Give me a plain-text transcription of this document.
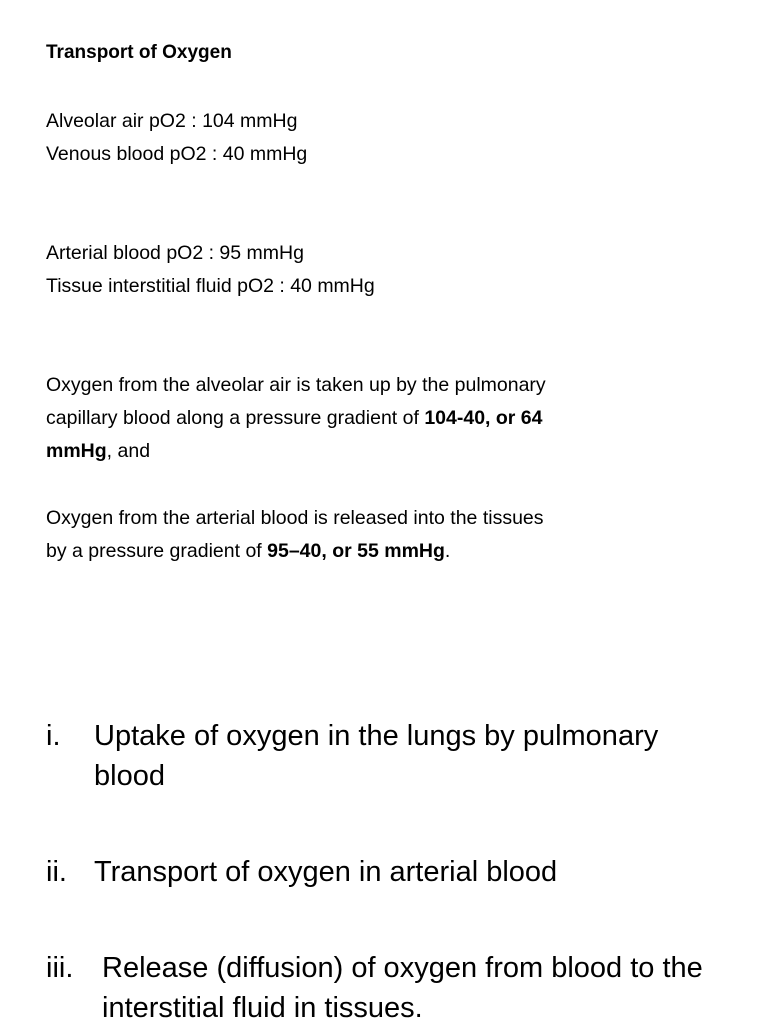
Transport of Oxygen

Alveolar air pO2 : 104 mmHg

Venous blood pO2 : 40 mmHg

Arterial blood pO2 : 95 mmHg

Tissue interstitial fluid pO2 : 40 mmHg

Oxygen from the alveolar air is taken up by the pulmonary capillary blood along a pressure gradient of 104-40, or 64 mmHg, and

Oxygen from the arterial blood is released into the tissues by a pressure gradient of 95–40, or 55 mmHg.

i. Uptake of oxygen in the lungs by pulmonary blood
ii. Transport of oxygen in arterial blood
iii. Release (diffusion) of oxygen from blood to the interstitial fluid in tissues.
